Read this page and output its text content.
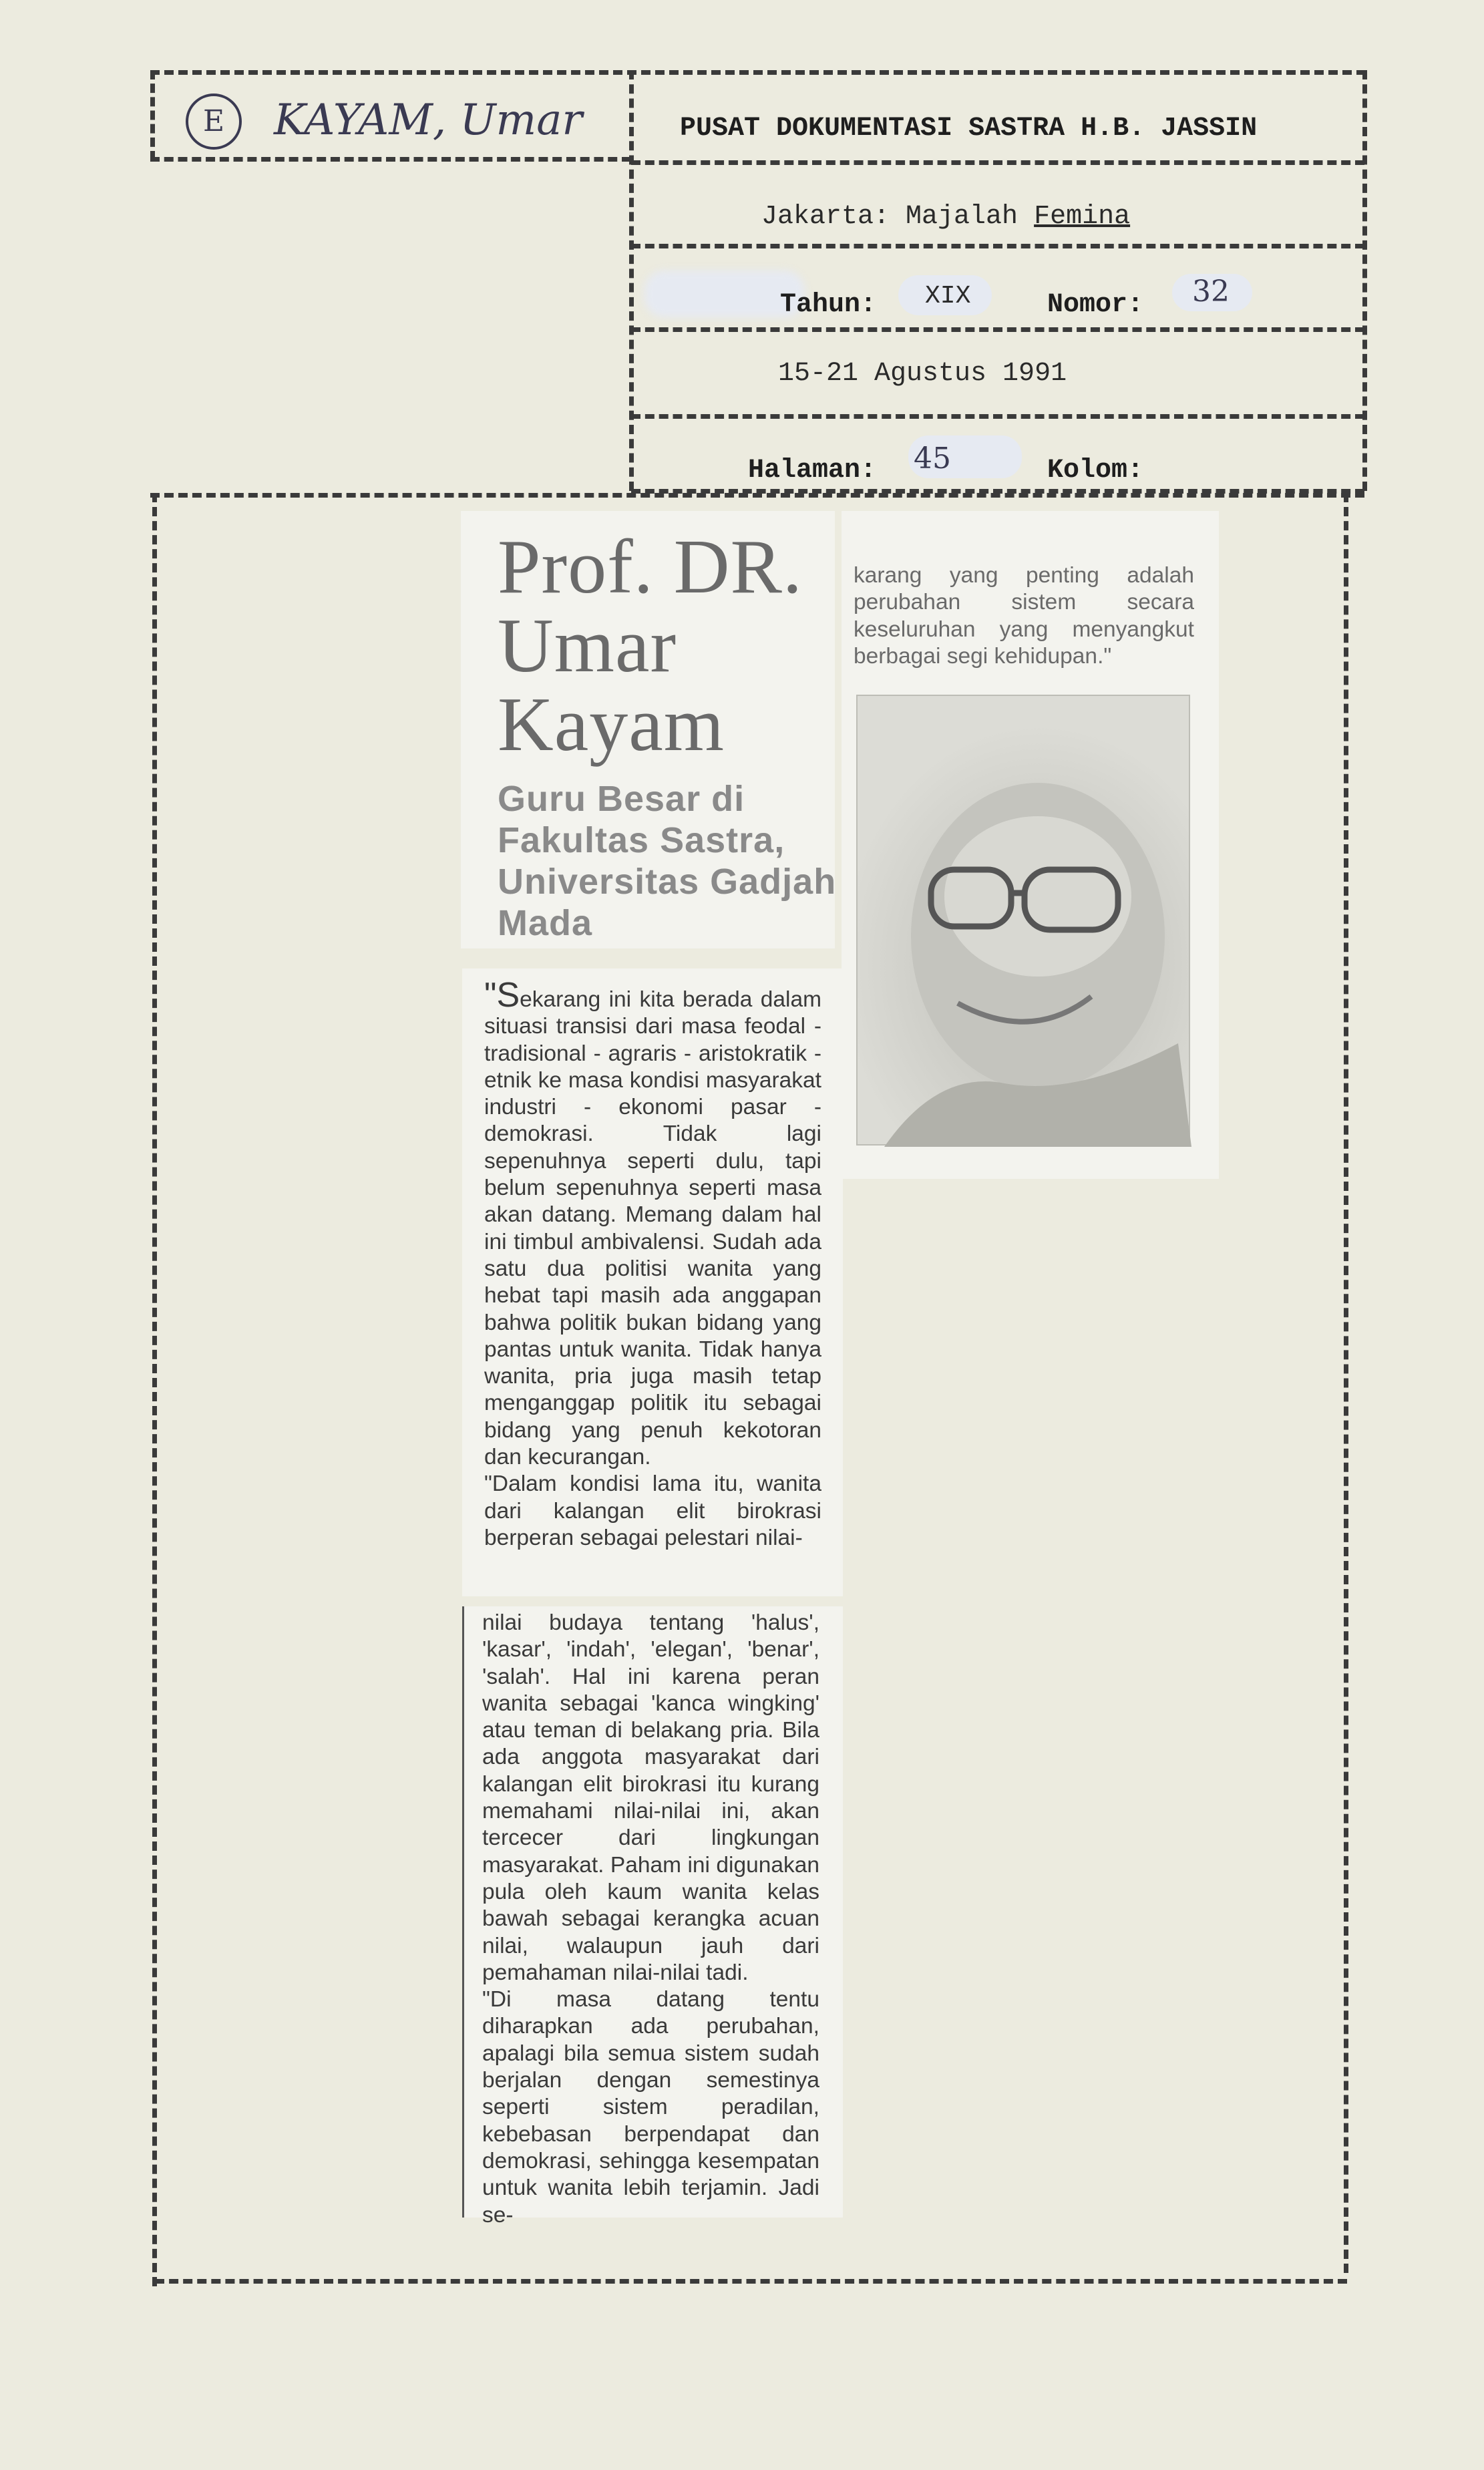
E	KAYAM, Umar	PUSAT DOKUMENTASI SASTRA H.B. JASSIN
Jakarta: Majalah Femina
Tahun: XIX	Nomor: 32
15-21 Agustus 1991
Halaman: 45	Kolom:
Prof. DR.
Umar
Kayam
Guru Besar di
Fakultas Sastra,
Universitas Gadjah
Mada
"Sekarang ini kita berada dalam situasi transisi dari masa feodal - tradisional - agraris - aristokratik - etnik ke masa kondisi masyarakat industri - ekonomi pasar - demokrasi. Tidak lagi sepenuhnya seperti dulu, tapi belum sepenuhnya seperti masa akan datang. Memang dalam hal ini timbul ambivalensi. Sudah ada satu dua politisi wanita yang hebat tapi masih ada anggapan bahwa politik bukan bidang yang pantas untuk wanita. Tidak hanya wanita, pria juga masih tetap menganggap politik itu sebagai bidang yang penuh kekotoran dan kecurangan.
"Dalam kondisi lama itu, wanita dari kalangan elit birokrasi berperan sebagai pelestari nilai-
nilai budaya tentang 'halus', 'kasar', 'indah', 'elegan', 'benar', 'salah'. Hal ini karena peran wanita sebagai 'kanca wingking' atau teman di belakang pria. Bila ada anggota masyarakat dari kalangan elit birokrasi itu kurang memahami nilai-nilai ini, akan tercecer dari lingkungan masyarakat. Paham ini digunakan pula oleh kaum wanita kelas bawah sebagai kerangka acuan nilai, walaupun jauh dari pemahaman nilai-nilai tadi.
"Di masa datang tentu diharapkan ada perubahan, apalagi bila semua sistem sudah berjalan dengan semestinya seperti sistem peradilan, kebebasan berpendapat dan demokrasi, sehingga kesempatan untuk wanita lebih terjamin. Jadi se-
karang yang penting adalah perubahan sistem secara keseluruhan yang menyangkut berbagai segi kehidupan."
